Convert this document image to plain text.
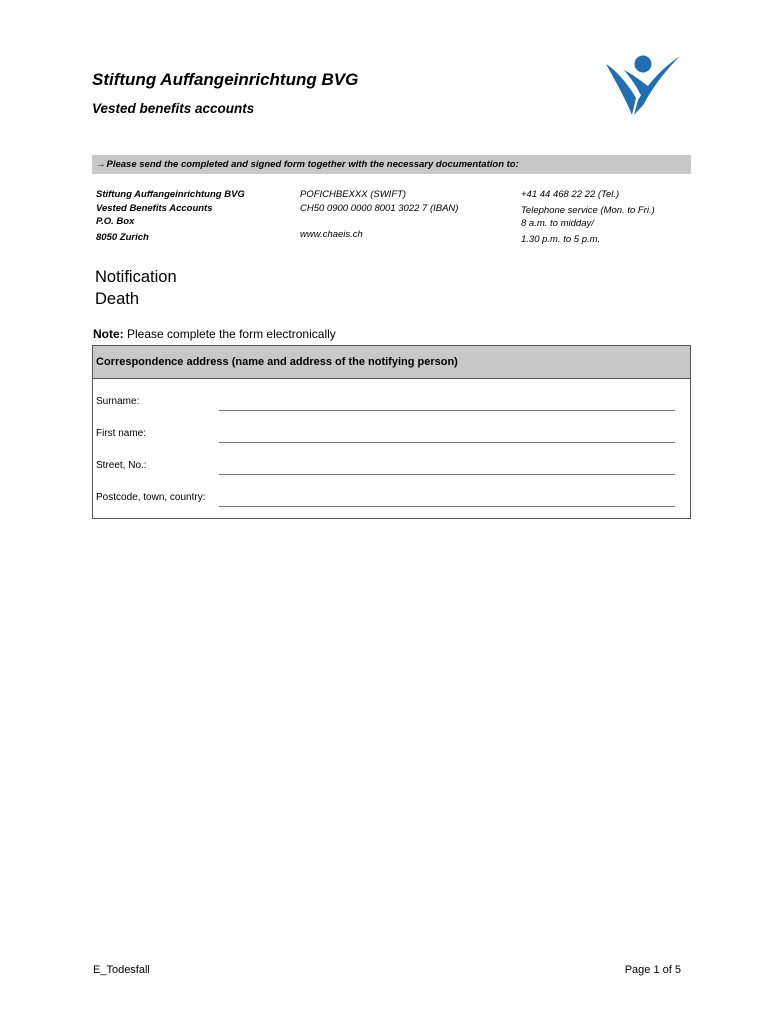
Stiftung Auffangeinrichtung BVG
Vested benefits accounts
→Please send the completed and signed form together with the necessary documentation to:
Stiftung Auffangeinrichtung BVG
Vested Benefits Accounts
P.O. Box
8050 Zurich
POFICHBEXXX (SWIFT)
CH50 0900 0000 8001 3022 7 (IBAN)
www.chaeis.ch
+41 44 468 22 22 (Tel.)
Telephone service (Mon. to Fri.)
8 a.m. to midday/
1.30 p.m. to 5 p.m.
Notification
Death
Note: Please complete the form electronically
Correspondence address (name and address of the notifying person)
Surname:
First name:
Street, No.:
Postcode, town, country:
E_Todesfall	Page 1 of 5
